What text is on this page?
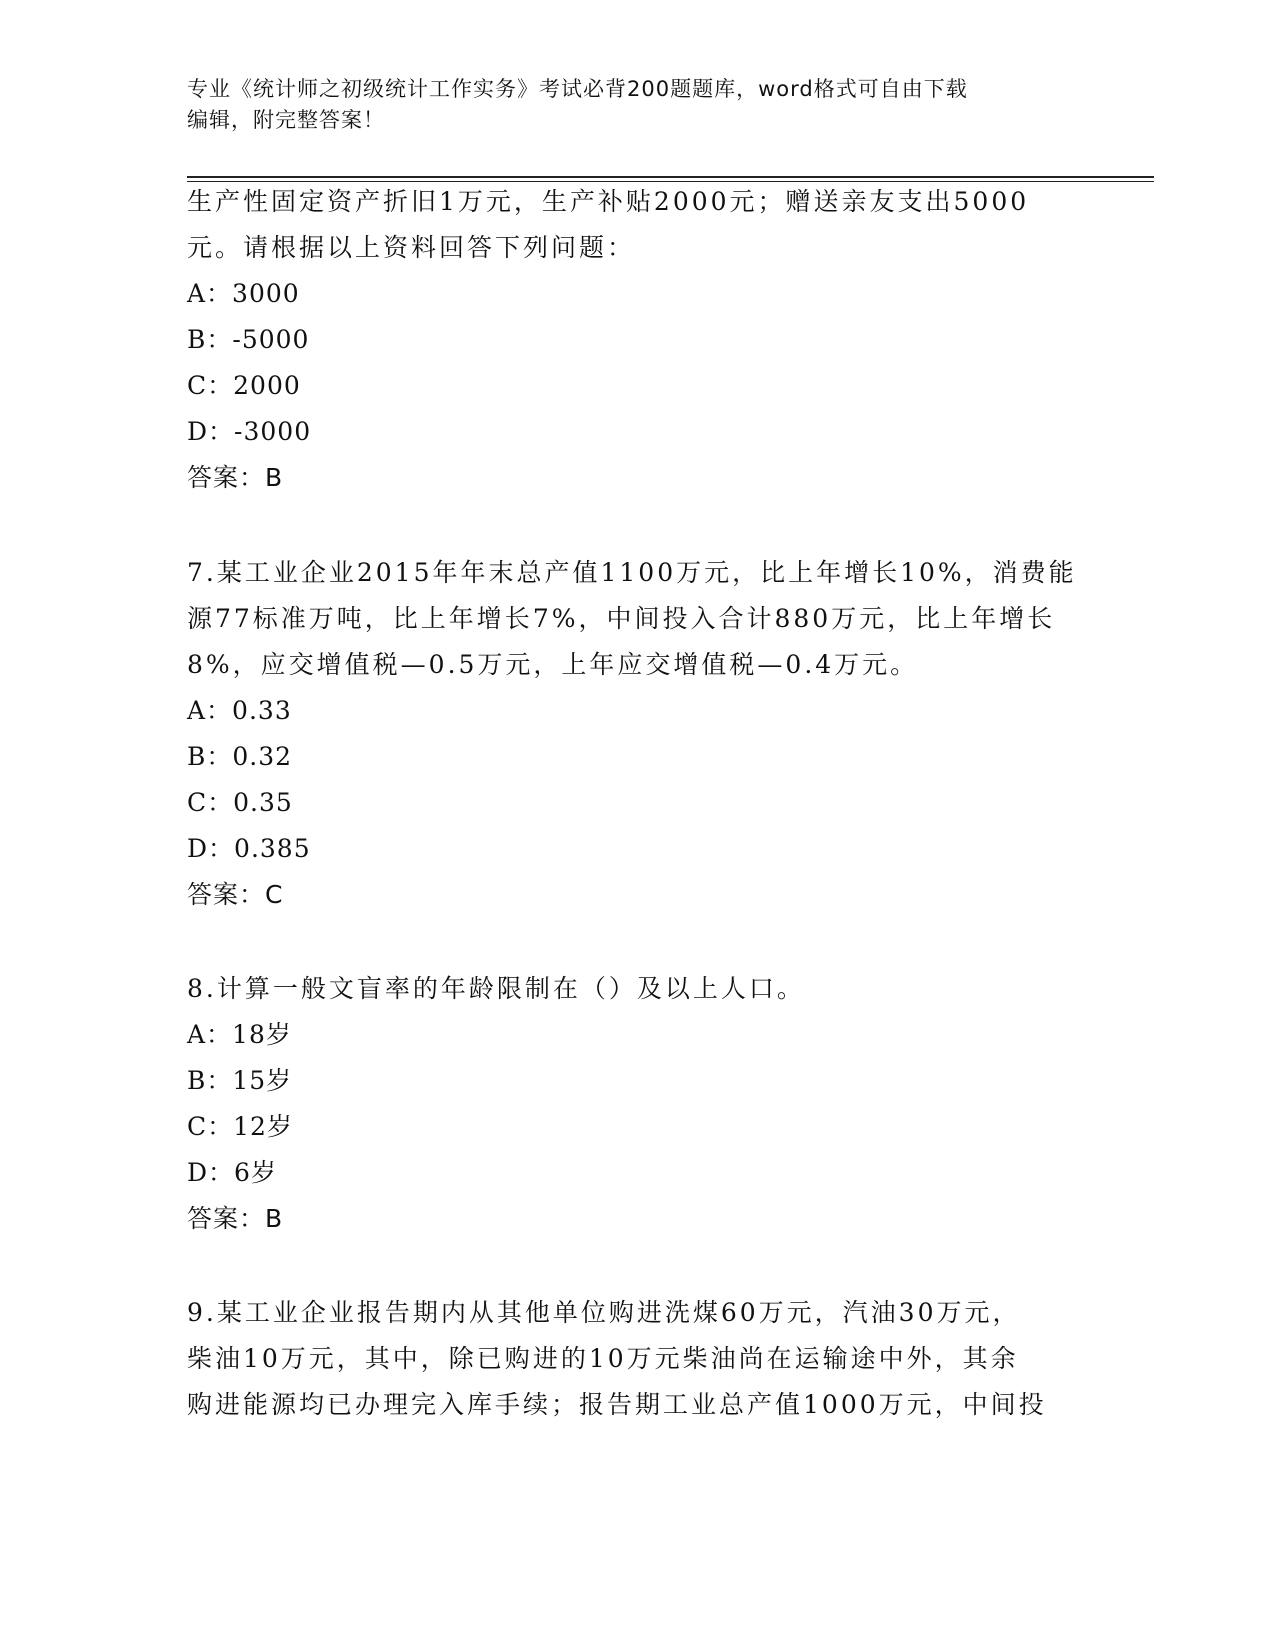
专业《统计师之初级统计工作实务》考试必背200题题库，word格式可自由下载
编辑，附完整答案！
生产性固定资产折旧1万元，生产补贴2000元；赠送亲友支出5000
元。请根据以上资料回答下列问题：
A：3000
B：-5000
C：2000
D：-3000
答案：B
7.某工业企业2015年年末总产值1100万元，比上年增长10%，消费能
源77标准万吨，比上年增长7%，中间投入合计880万元，比上年增长
8%，应交增值税—0.5万元，上年应交增值税—0.4万元。
A：0.33
B：0.32
C：0.35
D：0.385
答案：C
8.计算一般文盲率的年龄限制在（）及以上人口。
A：18岁
B：15岁
C：12岁
D：6岁
答案：B
9.某工业企业报告期内从其他单位购进洗煤60万元，汽油30万元，
柴油10万元，其中，除已购进的10万元柴油尚在运输途中外，其余
购进能源均已办理完入库手续；报告期工业总产值1000万元，中间投
